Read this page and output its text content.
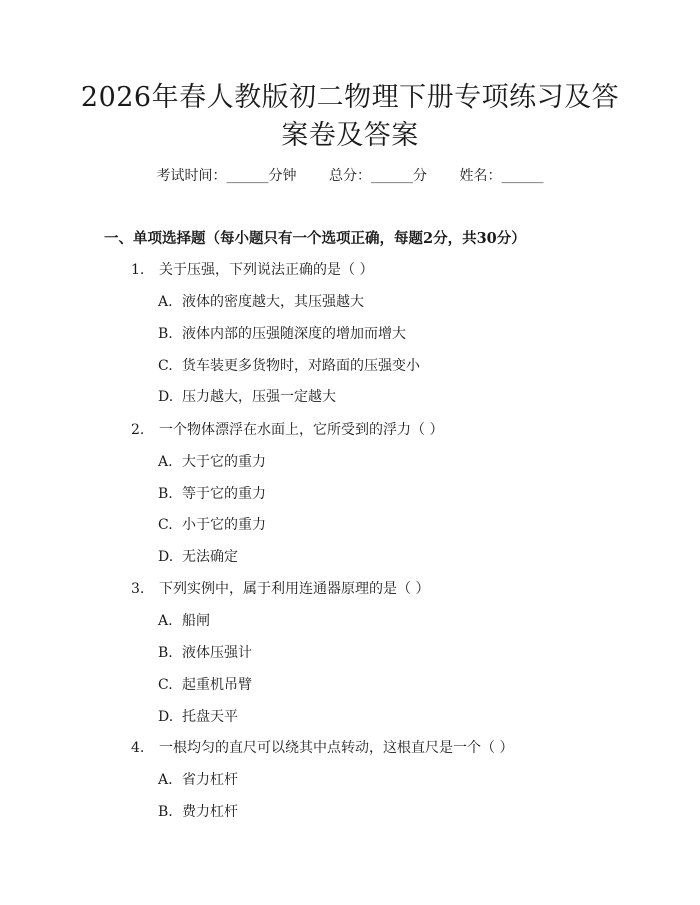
2026年春人教版初二物理下册专项练习及答
案卷及答案
考试时间：______分钟 总分：______分 姓名：______
一、单项选择题（每小题只有一个选项正确，每题2分，共30分）
1. 关于压强，下列说法正确的是（ ）
A. 液体的密度越大，其压强越大
B. 液体内部的压强随深度的增加而增大
C. 货车装更多货物时，对路面的压强变小
D. 压力越大，压强一定越大
2. 一个物体漂浮在水面上，它所受到的浮力（ ）
A. 大于它的重力
B. 等于它的重力
C. 小于它的重力
D. 无法确定
3. 下列实例中，属于利用连通器原理的是（ ）
A. 船闸
B. 液体压强计
C. 起重机吊臂
D. 托盘天平
4. 一根均匀的直尺可以绕其中点转动，这根直尺是一个（ ）
A. 省力杠杆
B. 费力杠杆
